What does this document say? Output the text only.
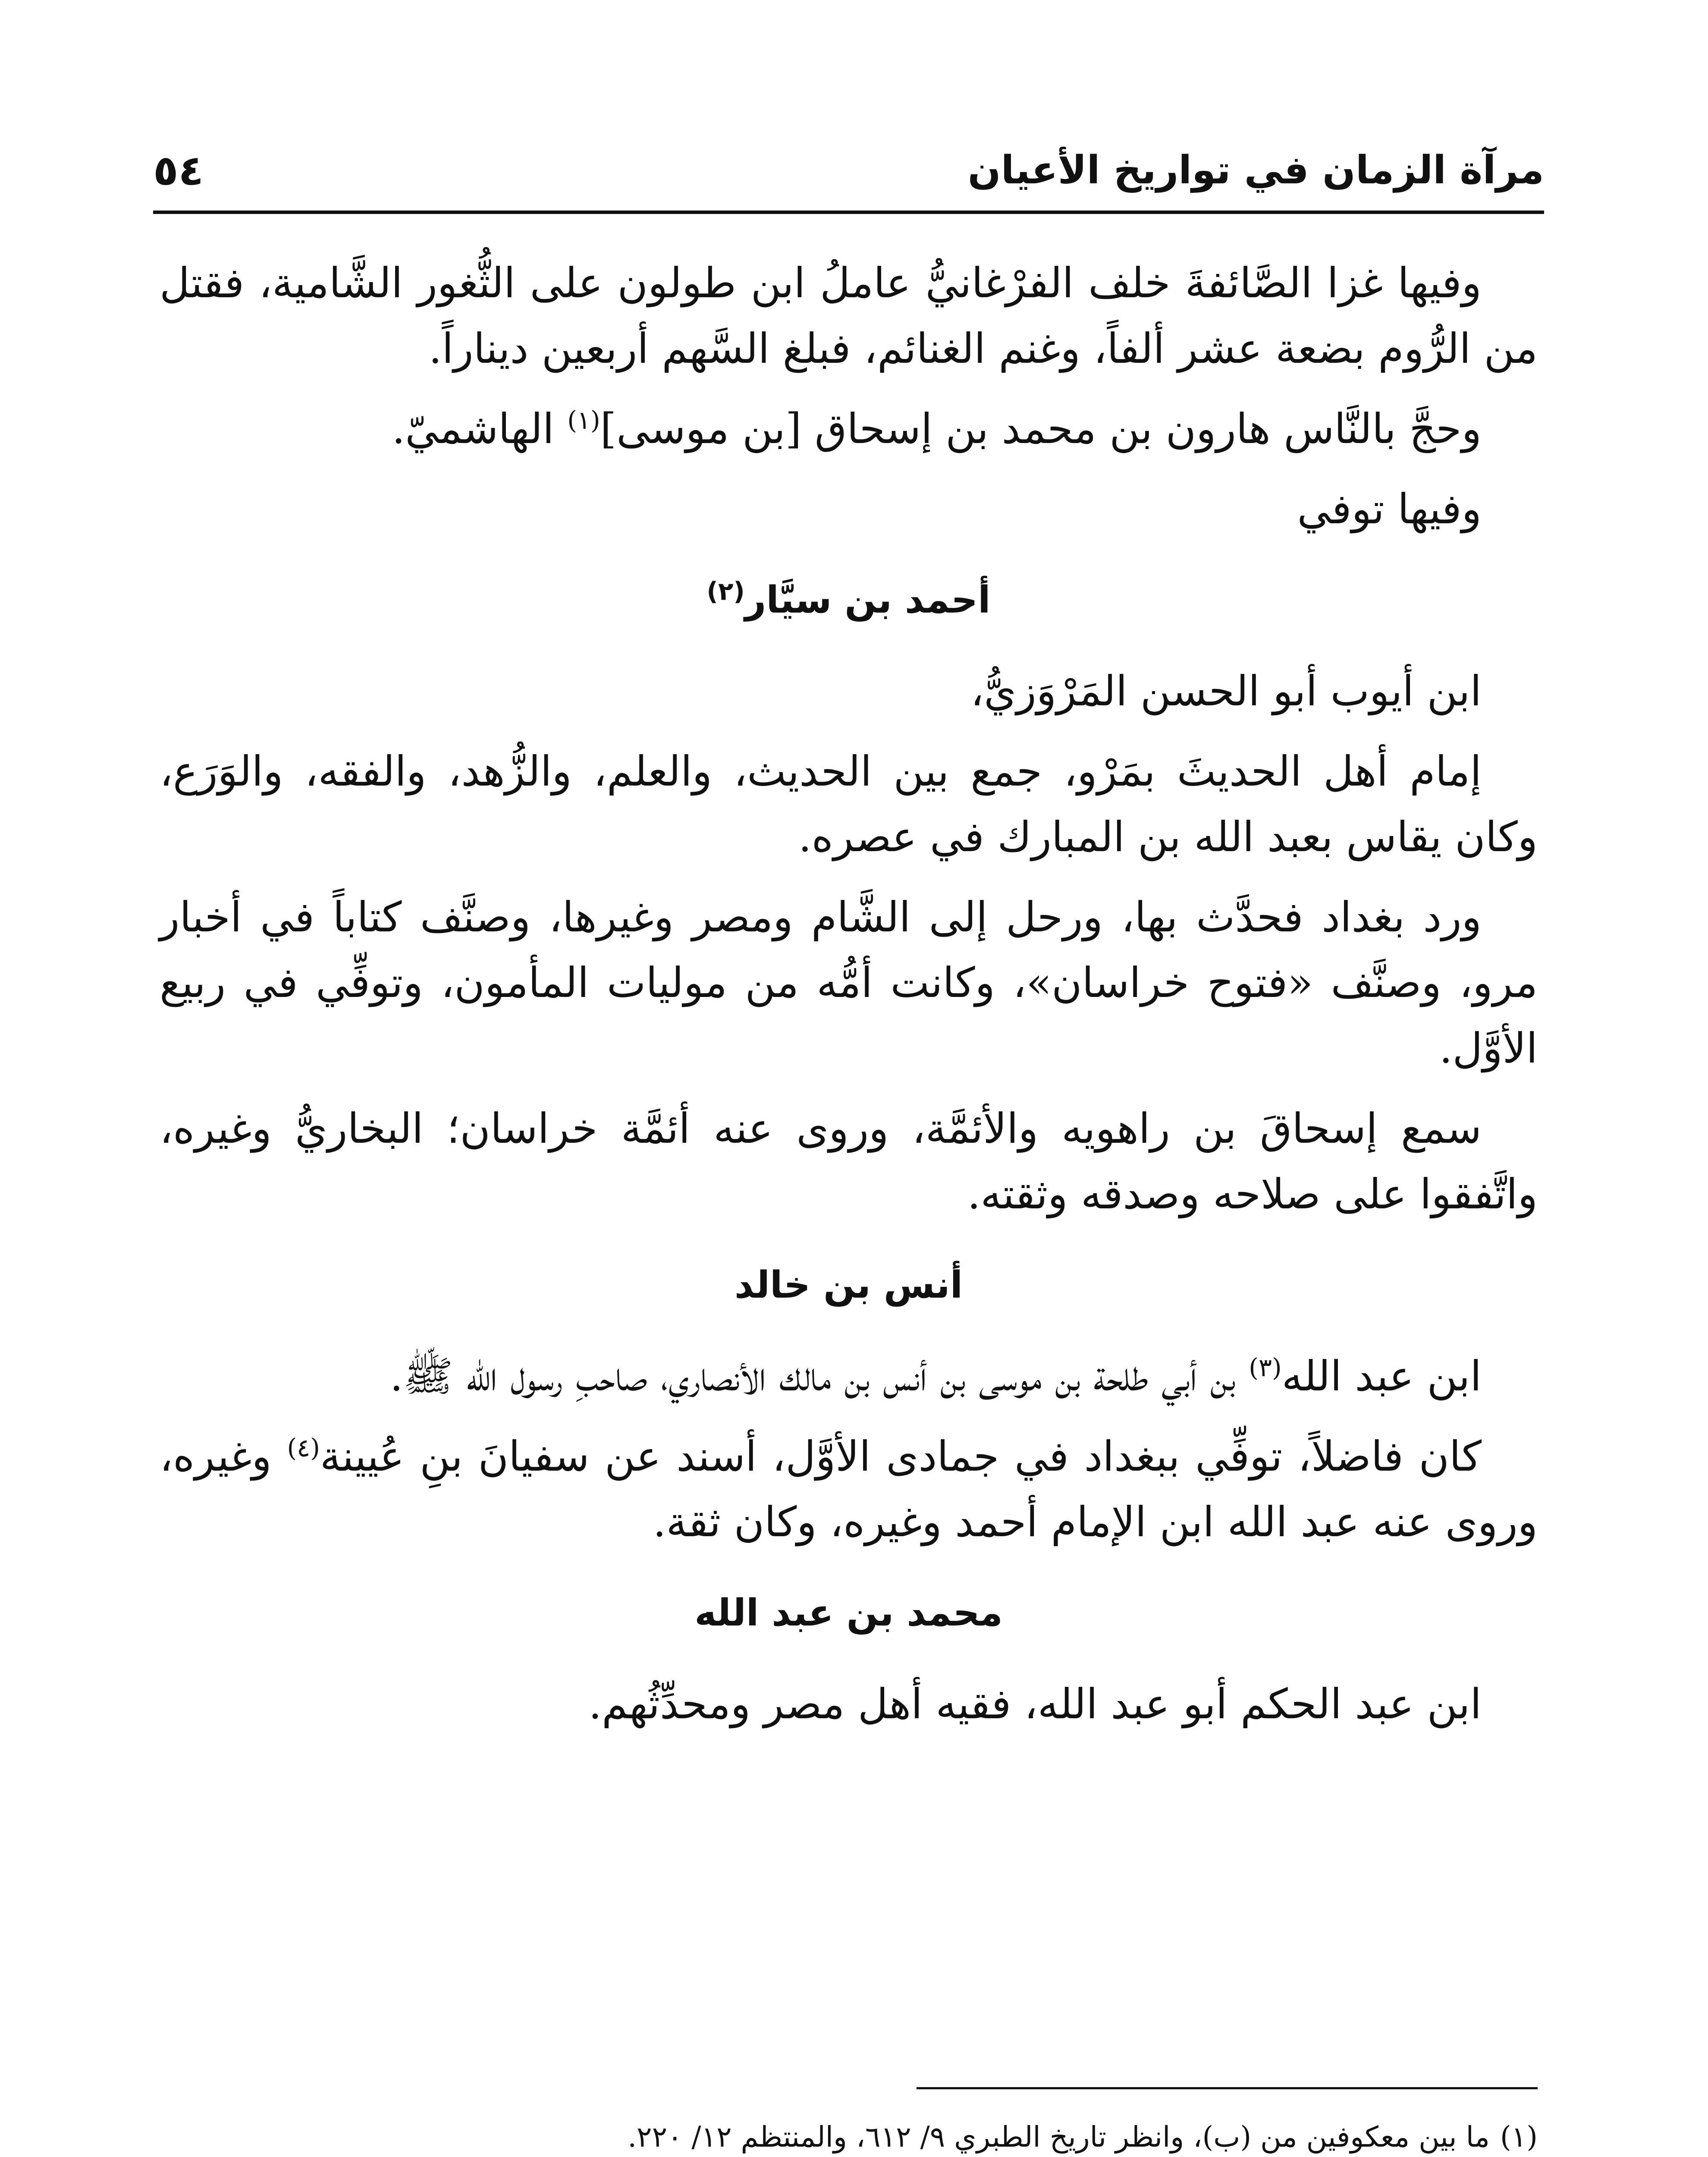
مرآة الزمان في تواريخ الأعيان
٥٤

وفيها غزا الصَّائفةَ خلف الفرْغانيُّ عاملُ ابن طولون على الثُّغور الشَّامية، فقتل من الرُّوم بضعة عشر ألفاً، وغنم الغنائم، فبلغ السَّهم أربعين ديناراً.

وحجَّ بالنَّاس هارون بن محمد بن إسحاق [بن موسى]$^{(١)}$ الهاشميّ.

وفيها توفي

أحمد بن سيَّار$^{(٢)}$

ابن أيوب أبو الحسن المَرْوَزيُّ،

إمام أهل الحديثَ بمَرْو، جمع بين الحديث، والعلم، والزُّهد، والفقه، والوَرَع، وكان يقاس بعبد الله بن المبارك في عصره.

ورد بغداد فحدَّث بها، ورحل إلى الشَّام ومصر وغيرها، وصنَّف كتاباً في أخبار مرو، وصنَّف «فتوح خراسان»، وكانت أمُّه من موليات المأمون، وتوفِّي في ربيع الأوَّل.

سمع إسحاقَ بن راهويه والأئمَّة، وروى عنه أئمَّة خراسان؛ البخاريُّ وغيره، واتَّفقوا على صلاحه وصدقه وثقته.

أنس بن خالد

ابن عبد الله$^{(٣)}$ بن أبي طلحة بن موسى بن أنس بن مالك الأنصاري، صاحبِ رسول الله ﷺ.

كان فاضلاً، توفِّي ببغداد في جمادى الأوَّل، أسند عن سفيانَ بنِ عُيينة$^{(٤)}$ وغيره، وروى عنه عبد الله ابن الإمام أحمد وغيره، وكان ثقة.

محمد بن عبد الله

ابن عبد الحكم أبو عبد الله، فقيه أهل مصر ومحدِّثُهم.

(١)ما بين معكوفين من (ب)، وانظر تاريخ الطبري ٩/ ٦١٢، والمنتظم ١٢/ ٢٢٠.
